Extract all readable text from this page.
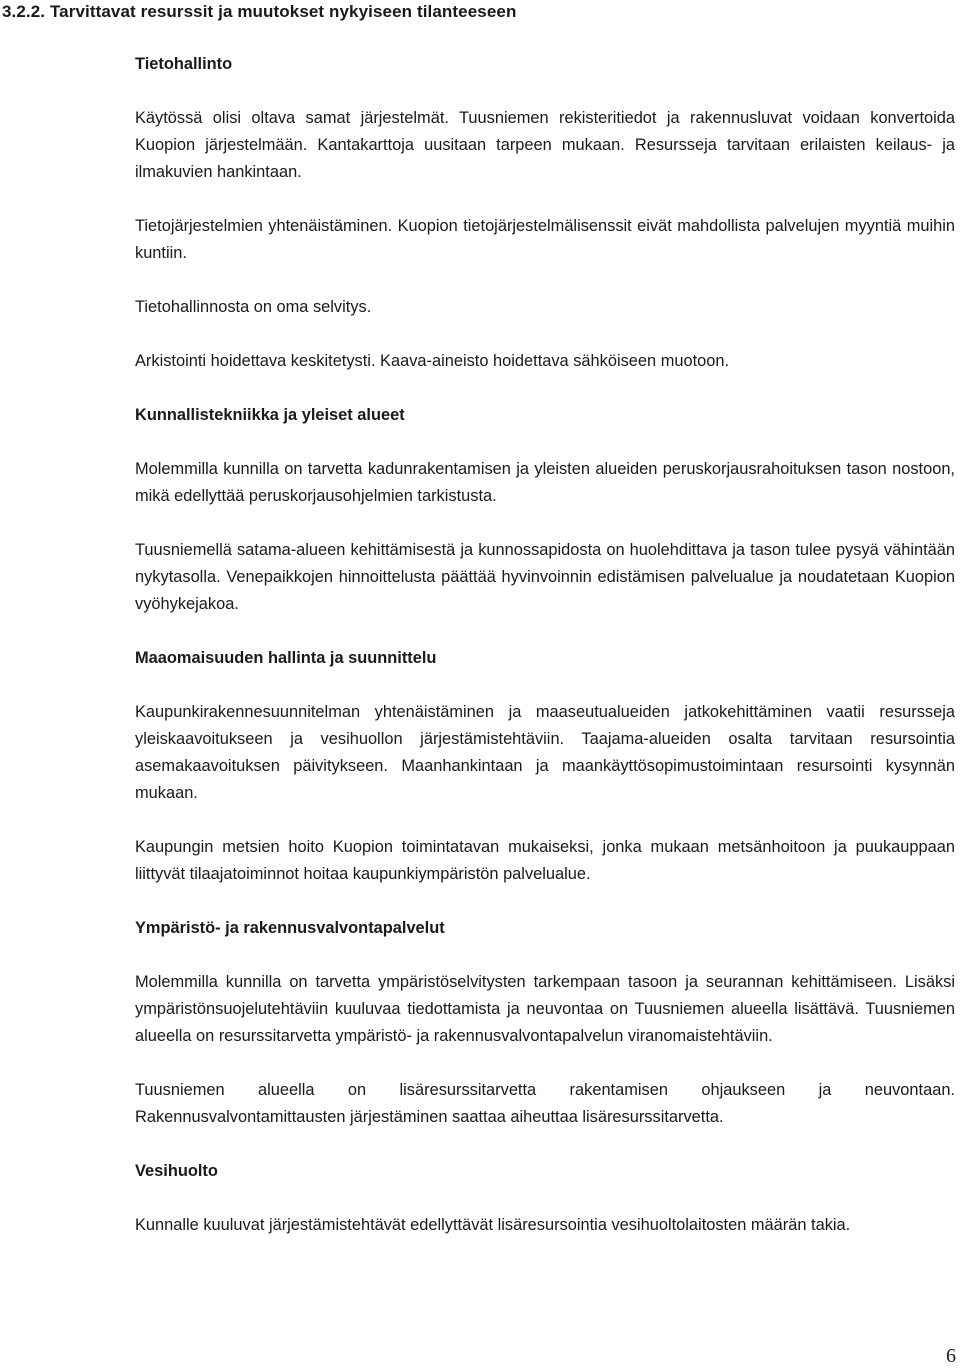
3.2.2. Tarvittavat resurssit ja muutokset nykyiseen tilanteeseen
Tietohallinto

Käytössä olisi oltava samat järjestelmät. Tuusniemen rekisteritiedot ja rakennusluvat voidaan konvertoida Kuopion järjestelmään. Kantakarttoja uusitaan tarpeen mukaan. Resursseja tarvitaan erilaisten keilaus- ja ilmakuvien hankintaan.

Tietojärjestelmien yhtenäistäminen. Kuopion tietojärjestelmälisenssit eivät mahdollista palvelujen myyntiä muihin kuntiin.

Tietohallinnosta on oma selvitys.

Arkistointi hoidettava keskitetysti. Kaava-aineisto hoidettava sähköiseen muotoon.

Kunnallistekniikka ja yleiset alueet

Molemmilla kunnilla on tarvetta kadunrakentamisen ja yleisten alueiden peruskorjausrahoituksen tason nostoon, mikä edellyttää peruskorjausohjelmien tarkistusta.

Tuusniemellä satama-alueen kehittämisestä ja kunnossapidosta on huolehdittava ja tason tulee pysyä vähintään nykytasolla. Venepaikkojen hinnoittelusta päättää hyvinvoinnin edistämisen palvelualue ja noudatetaan Kuopion vyöhykejakoa.

Maaomaisuuden hallinta ja suunnittelu

Kaupunkirakennesuunnitelman yhtenäistäminen ja maaseutualueiden jatkokehittäminen vaatii resursseja yleiskaavoitukseen ja vesihuollon järjestämistehtäviin. Taajama-alueiden osalta tarvitaan resursointia asemakaavoituksen päivitykseen. Maanhankintaan ja maankäyttösopimustoimintaan resursointi kysynnän mukaan.

Kaupungin metsien hoito Kuopion toimintatavan mukaiseksi, jonka mukaan metsänhoitoon ja puukauppaan liittyvät tilaajatoiminnot hoitaa kaupunkiympäristön palvelualue.

Ympäristö- ja rakennusvalvontapalvelut

Molemmilla kunnilla on tarvetta ympäristöselvitysten tarkempaan tasoon ja seurannan kehittämiseen. Lisäksi ympäristönsuojelutehtäviin kuuluvaa tiedottamista ja neuvontaa on Tuusniemen alueella lisättävä. Tuusniemen alueella on resurssitarvetta ympäristö- ja rakennusvalvontapalvelun viranomaistehtäviin.

Tuusniemen alueella on lisäresurssitarvetta rakentamisen ohjaukseen ja neuvontaan. Rakennusvalvontamittausten järjestäminen saattaa aiheuttaa lisäresurssitarvetta.

Vesihuolto

Kunnalle kuuluvat järjestämistehtävät edellyttävät lisäresursointia vesihuoltolaitosten määrän takia.

6
